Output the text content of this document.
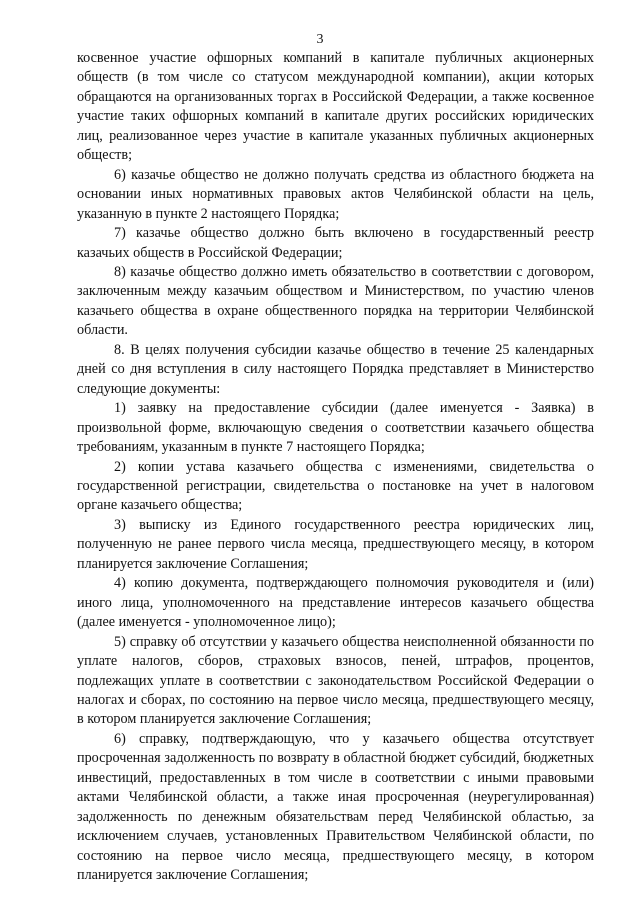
3

косвенное участие офшорных компаний в капитале публичных акционерных обществ (в том числе со статусом международной компании), акции которых обращаются на организованных торгах в Российской Федерации, а также косвенное участие таких офшорных компаний в капитале других российских юридических лиц, реализованное через участие в капитале указанных публичных акционерных обществ;

6) казачье общество не должно получать средства из областного бюджета на основании иных нормативных правовых актов Челябинской области на цель, указанную в пункте 2 настоящего Порядка;

7) казачье общество должно быть включено в государственный реестр казачьих обществ в Российской Федерации;

8) казачье общество должно иметь обязательство в соответствии с договором, заключенным между казачьим обществом и Министерством, по участию членов казачьего общества в охране общественного порядка на территории Челябинской области.

8. В целях получения субсидии казачье общество в течение 25 календарных дней со дня вступления в силу настоящего Порядка представляет в Министерство следующие документы:

1) заявку на предоставление субсидии (далее именуется - Заявка) в произвольной форме, включающую сведения о соответствии казачьего общества требованиям, указанным в пункте 7 настоящего Порядка;

2) копии устава казачьего общества с изменениями, свидетельства о государственной регистрации, свидетельства о постановке на учет в налоговом органе казачьего общества;

3) выписку из Единого государственного реестра юридических лиц, полученную не ранее первого числа месяца, предшествующего месяцу, в котором планируется заключение Соглашения;

4) копию документа, подтверждающего полномочия руководителя и (или) иного лица, уполномоченного на представление интересов казачьего общества (далее именуется - уполномоченное лицо);

5) справку об отсутствии у казачьего общества неисполненной обязанности по уплате налогов, сборов, страховых взносов, пеней, штрафов, процентов, подлежащих уплате в соответствии с законодательством Российской Федерации о налогах и сборах, по состоянию на первое число месяца, предшествующего месяцу, в котором планируется заключение Соглашения;

6) справку, подтверждающую, что у казачьего общества отсутствует просроченная задолженность по возврату в областной бюджет субсидий, бюджетных инвестиций, предоставленных в том числе в соответствии с иными правовыми актами Челябинской области, а также иная просроченная (неурегулированная) задолженность по денежным обязательствам перед Челябинской областью, за исключением случаев, установленных Правительством Челябинской области, по состоянию на первое число месяца, предшествующего месяцу, в котором планируется заключение Соглашения;
